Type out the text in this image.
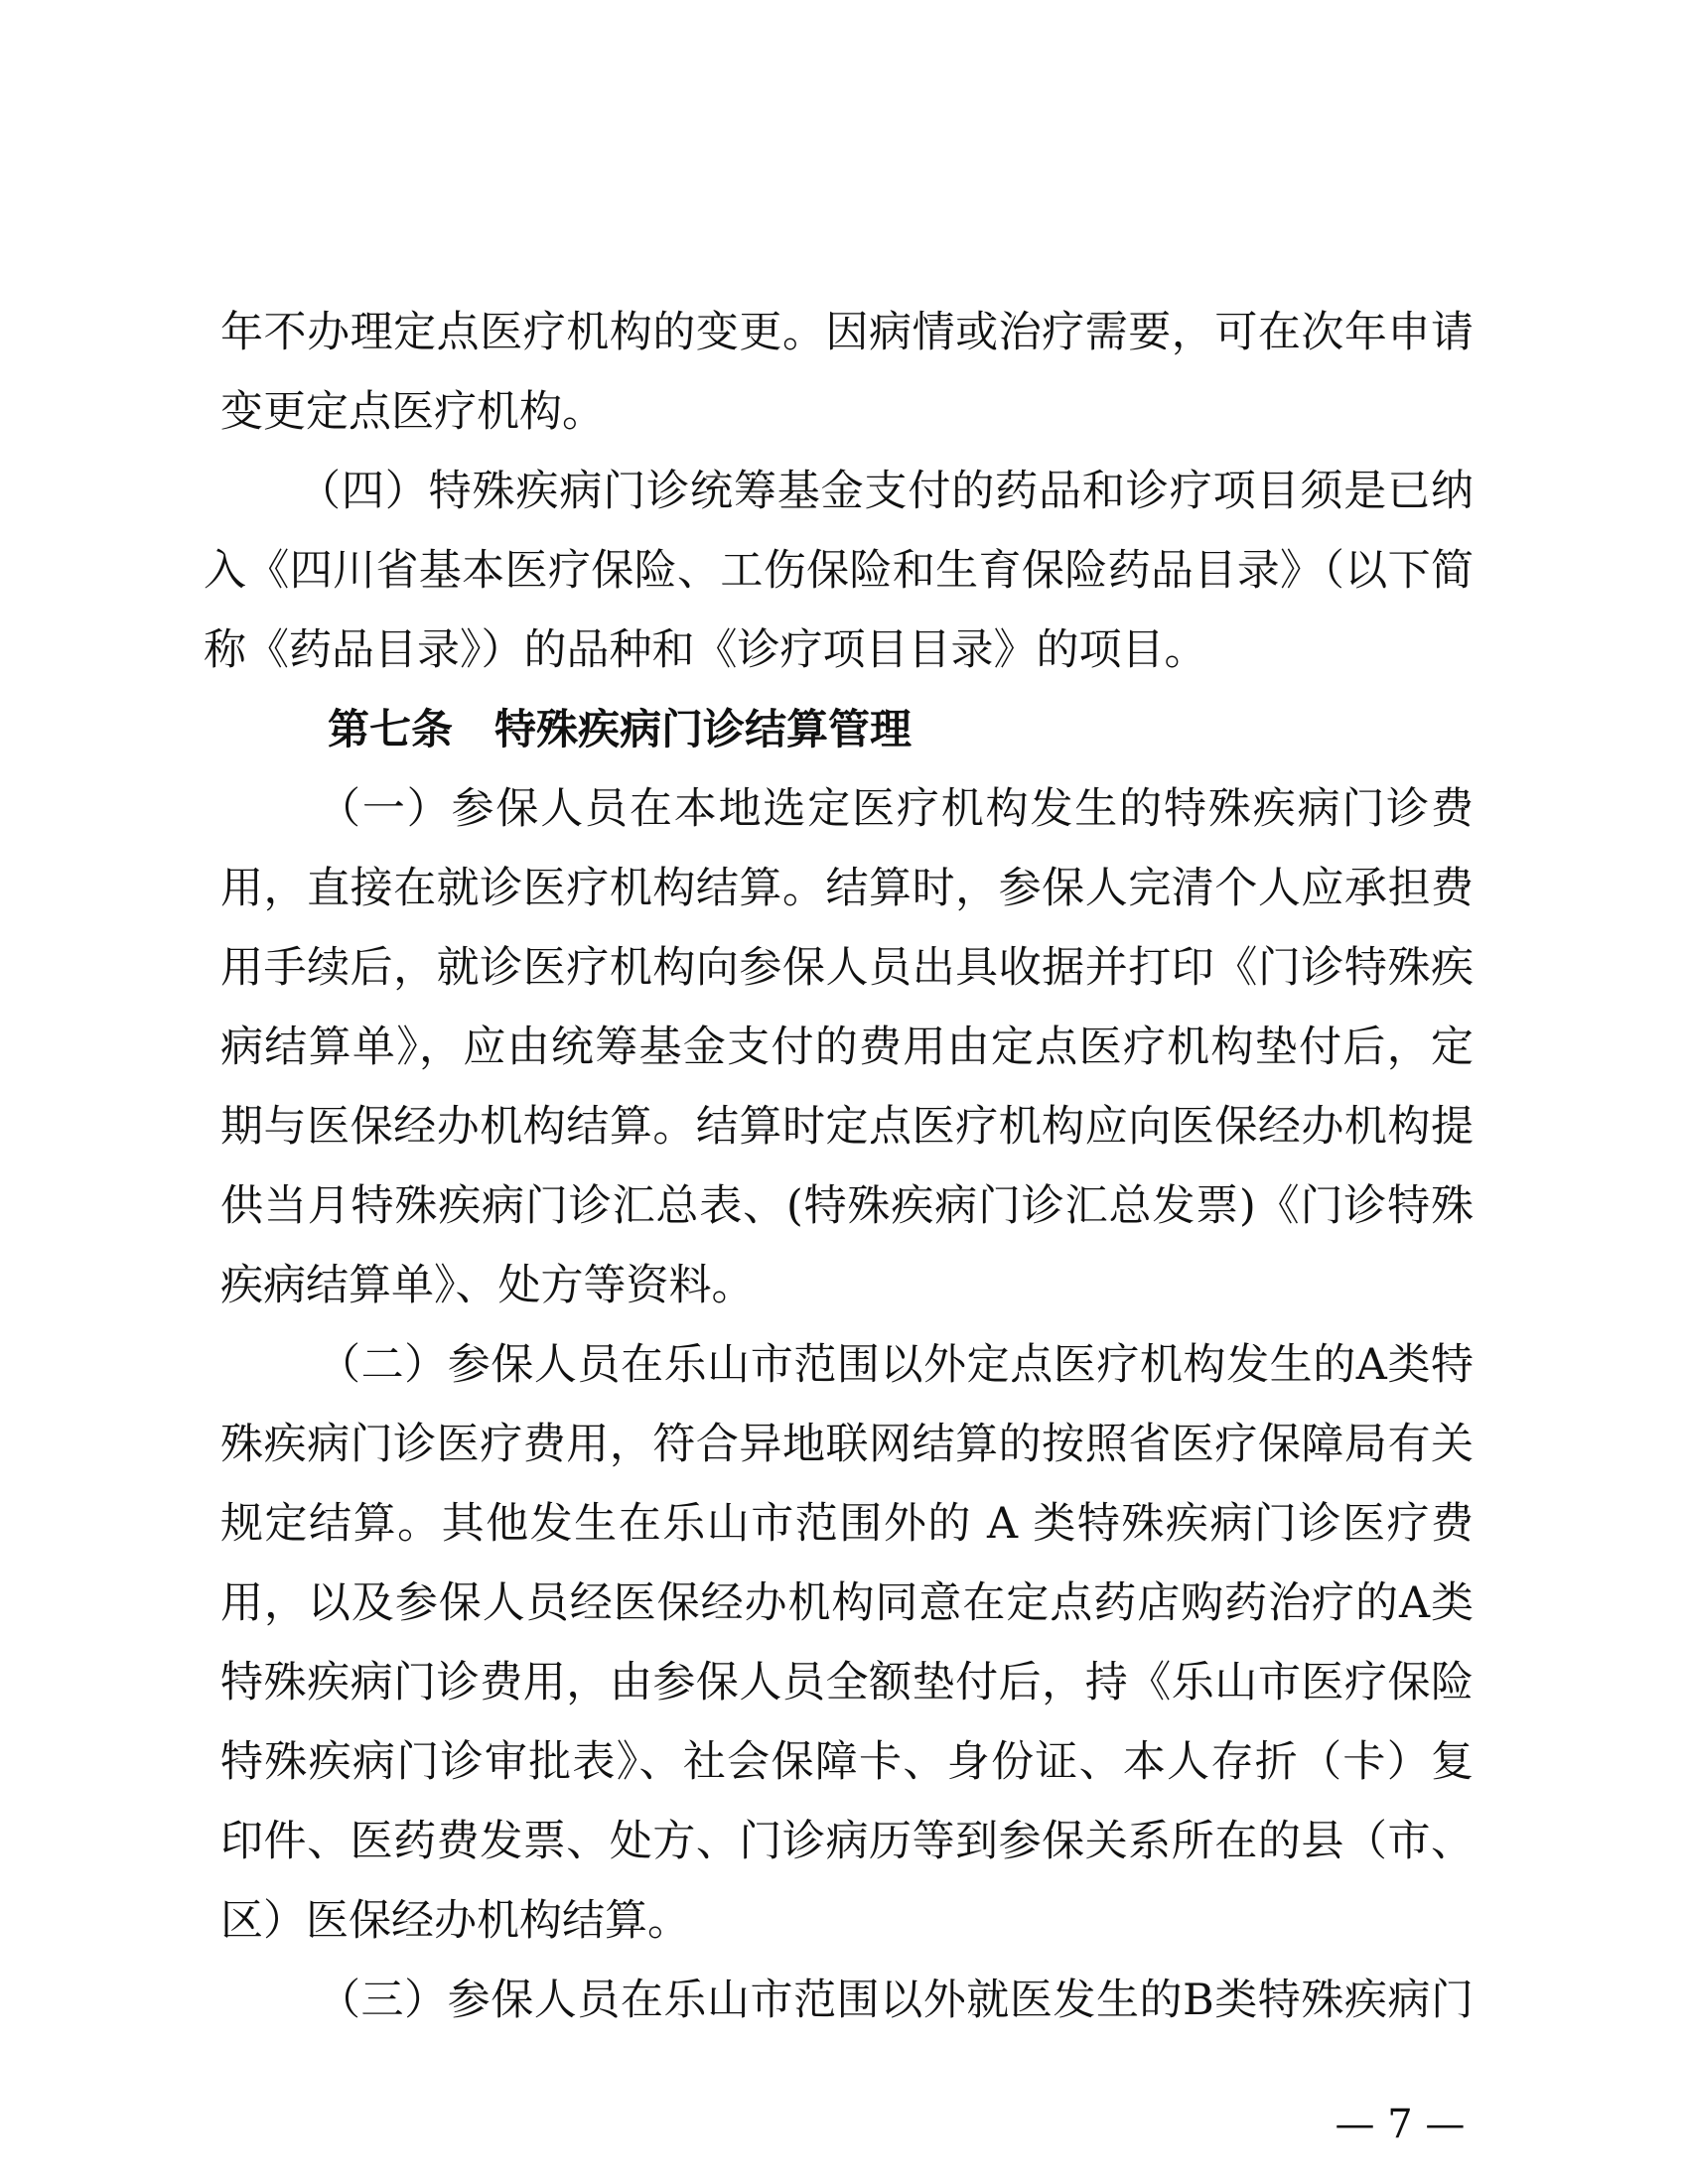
年不办理定点医疗机构的变更。因病情或治疗需要，可在次年申请
变更定点医疗机构。
（四）特殊疾病门诊统筹基金支付的药品和诊疗项目须是已纳
入《四川省基本医疗保险、工伤保险和生育保险药品目录》（以下简
称《药品目录》）的品种和《诊疗项目目录》的项目。
第七条　特殊疾病门诊结算管理
（一）参保人员在本地选定医疗机构发生的特殊疾病门诊费
用，直接在就诊医疗机构结算。结算时，参保人完清个人应承担费
用手续后，就诊医疗机构向参保人员出具收据并打印《门诊特殊疾
病结算单》，应由统筹基金支付的费用由定点医疗机构垫付后，定
期与医保经办机构结算。结算时定点医疗机构应向医保经办机构提
供当月特殊疾病门诊汇总表、(特殊疾病门诊汇总发票)《门诊特殊
疾病结算单》、处方等资料。
（二）参保人员在乐山市范围以外定点医疗机构发生的A类特
殊疾病门诊医疗费用，符合异地联网结算的按照省医疗保障局有关
规定结算。其他发生在乐山市范围外的 A 类特殊疾病门诊医疗费
用，以及参保人员经医保经办机构同意在定点药店购药治疗的A类
特殊疾病门诊费用，由参保人员全额垫付后，持《乐山市医疗保险
特殊疾病门诊审批表》、社会保障卡、身份证、本人存折（卡）复
印件、医药费发票、处方、门诊病历等到参保关系所在的县（市、
区）医保经办机构结算。
（三）参保人员在乐山市范围以外就医发生的B类特殊疾病门
— 7 —
